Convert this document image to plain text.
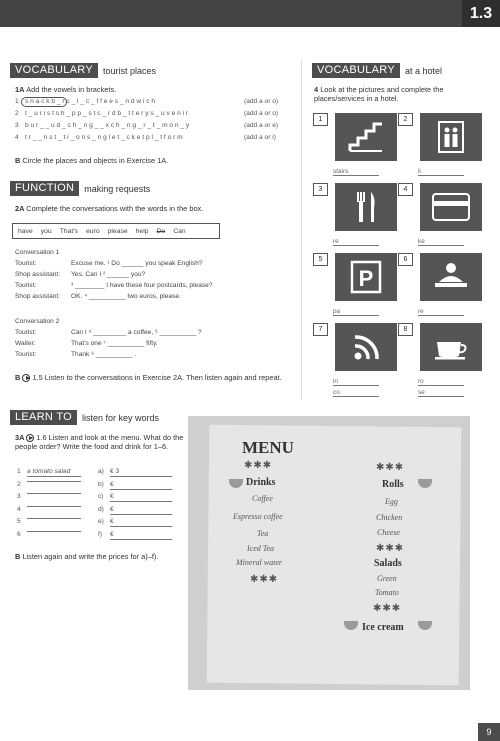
1.3
VOCABULARY	tourist places
1A Add the vowels in brackets.
1 s n a c k b _ r c _ l _ c _ f f e e s _ n d w i c h	(add a or o)
2 t _ u r i s t s h _ p p _ s t c _ r d b _ t t e r y s _ u v e n i r	(add a or o)
3 b u r _ _ u d _ c h _ n g _ _ x c h _ n g _ r _ t _ m o n _ y	(add a or e)
4 t r _ _ n s t _ t i _ o n s _ n g l e t _ c k e t p l _ t f o r m	(add a or i)
B Circle the places and objects in Exercise 1A.
FUNCTION	making requests
2A Complete the conversations with the words in the box.
have you That's euro please help Do Can
Conversation 1
Tourist:	Excuse me. ¹ Do ______ you speak English?
Shop assistant:	Yes. Can I ² ______ you?
Tourist:	³ ________ I have these four postcards, please?
Shop assistant:	OK. ⁴ __________ two euros, please.
Conversation 2
Tourist:	Can I ⁵ _________ a coffee, ⁶ __________ ?
Waiter:	That's one ⁷ __________ fifty.
Tourist:	Thank ⁸ __________ .
B 1.5 Listen to the conversations in Exercise 2A. Then listen again and repeat.
LEARN TO	listen for key words
3A 1.6 Listen and look at the menu. What do the people order? Write the food and drink for 1–6.
1 a tomato salad	a) € 3
2	b) €
3	c) €
4	d) €
5	e) €
6	f) €
B Listen again and write the prices for a)–f).
MENU
✱✱✱
Drinks
Coffee
Espresso coffee
Tea
Iced Tea
Mineral water
✱✱✱
✱✱✱
Rolls
Egg
Chicken
Cheese
✱✱✱
Salads
Green
Tomato
✱✱✱
Ice cream
VOCABULARY	at a hotel
4 Look at the pictures and complete the places/services in a hotel.
1
stairs
2
li
3
re
4
ke
5
P
pa
6
re
7
in
co
8
ro
se
9
